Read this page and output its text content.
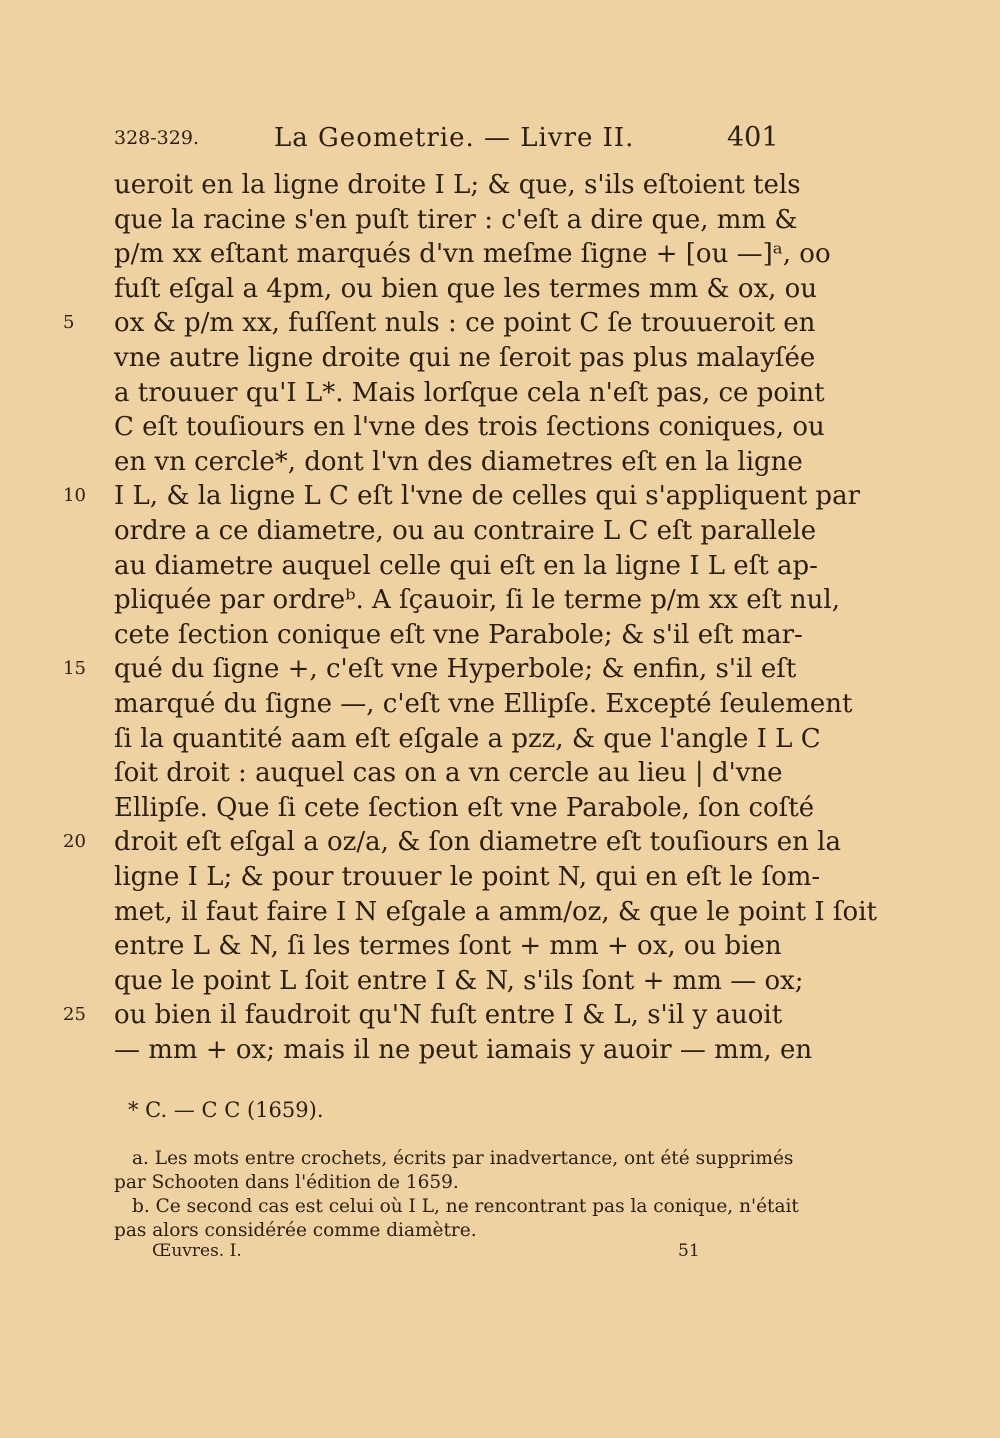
328-329.	La Geometrie. — Livre II.	401
ueroit en la ligne droite I L; & que, s'ils eſtoient tels
que la racine s'en puſt tirer : c'eſt a dire que, mm &
p/m xx eſtant marqués d'vn meſme ſigne + [ou —]ᵃ, oo
fuſt eſgal a 4pm, ou bien que les termes mm & ox, ou
ox & p/m xx, fuſſent nuls : ce point C ſe trouueroit en
vne autre ligne droite qui ne ſeroit pas plus malayſée
a trouuer qu'I L*. Mais lorſque cela n'eſt pas, ce point
C eſt touſiours en l'vne des trois ſections coniques, ou
en vn cercle*, dont l'vn des diametres eſt en la ligne
I L, & la ligne L C eſt l'vne de celles qui s'appliquent par
ordre a ce diametre, ou au contraire L C eſt parallele
au diametre auquel celle qui eſt en la ligne I L eſt ap-
pliquée par ordreᵇ. A ſçauoir, ſi le terme p/m xx eſt nul,
cete ſection conique eſt vne Parabole; & s'il eſt mar-
qué du ſigne +, c'eſt vne Hyperbole; & enfin, s'il eſt
marqué du ſigne —, c'eſt vne Ellipſe. Excepté ſeulement
ſi la quantité aam eſt eſgale a pzz, & que l'angle I L C
ſoit droit : auquel cas on a vn cercle au lieu | d'vne
Ellipſe. Que ſi cete ſection eſt vne Parabole, ſon coſté
droit eſt eſgal a oz/a, & ſon diametre eſt touſiours en la
ligne I L; & pour trouuer le point N, qui en eſt le ſom-
met, il faut faire I N eſgale a amm/oz, & que le point I ſoit
entre L & N, ſi les termes ſont + mm + ox, ou bien
que le point L ſoit entre I & N, s'ils ſont + mm — ox;
ou bien il faudroit qu'N fuſt entre I & L, s'il y auoit
— mm + ox; mais il ne peut iamais y auoir — mm, en
5
10
15
20
25
* C. — C C (1659).
a. Les mots entre crochets, écrits par inadvertance, ont été supprimés
par Schooten dans l'édition de 1659.
b. Ce second cas est celui où I L, ne rencontrant pas la conique, n'était
pas alors considérée comme diamètre.
Œuvres. I.	51
